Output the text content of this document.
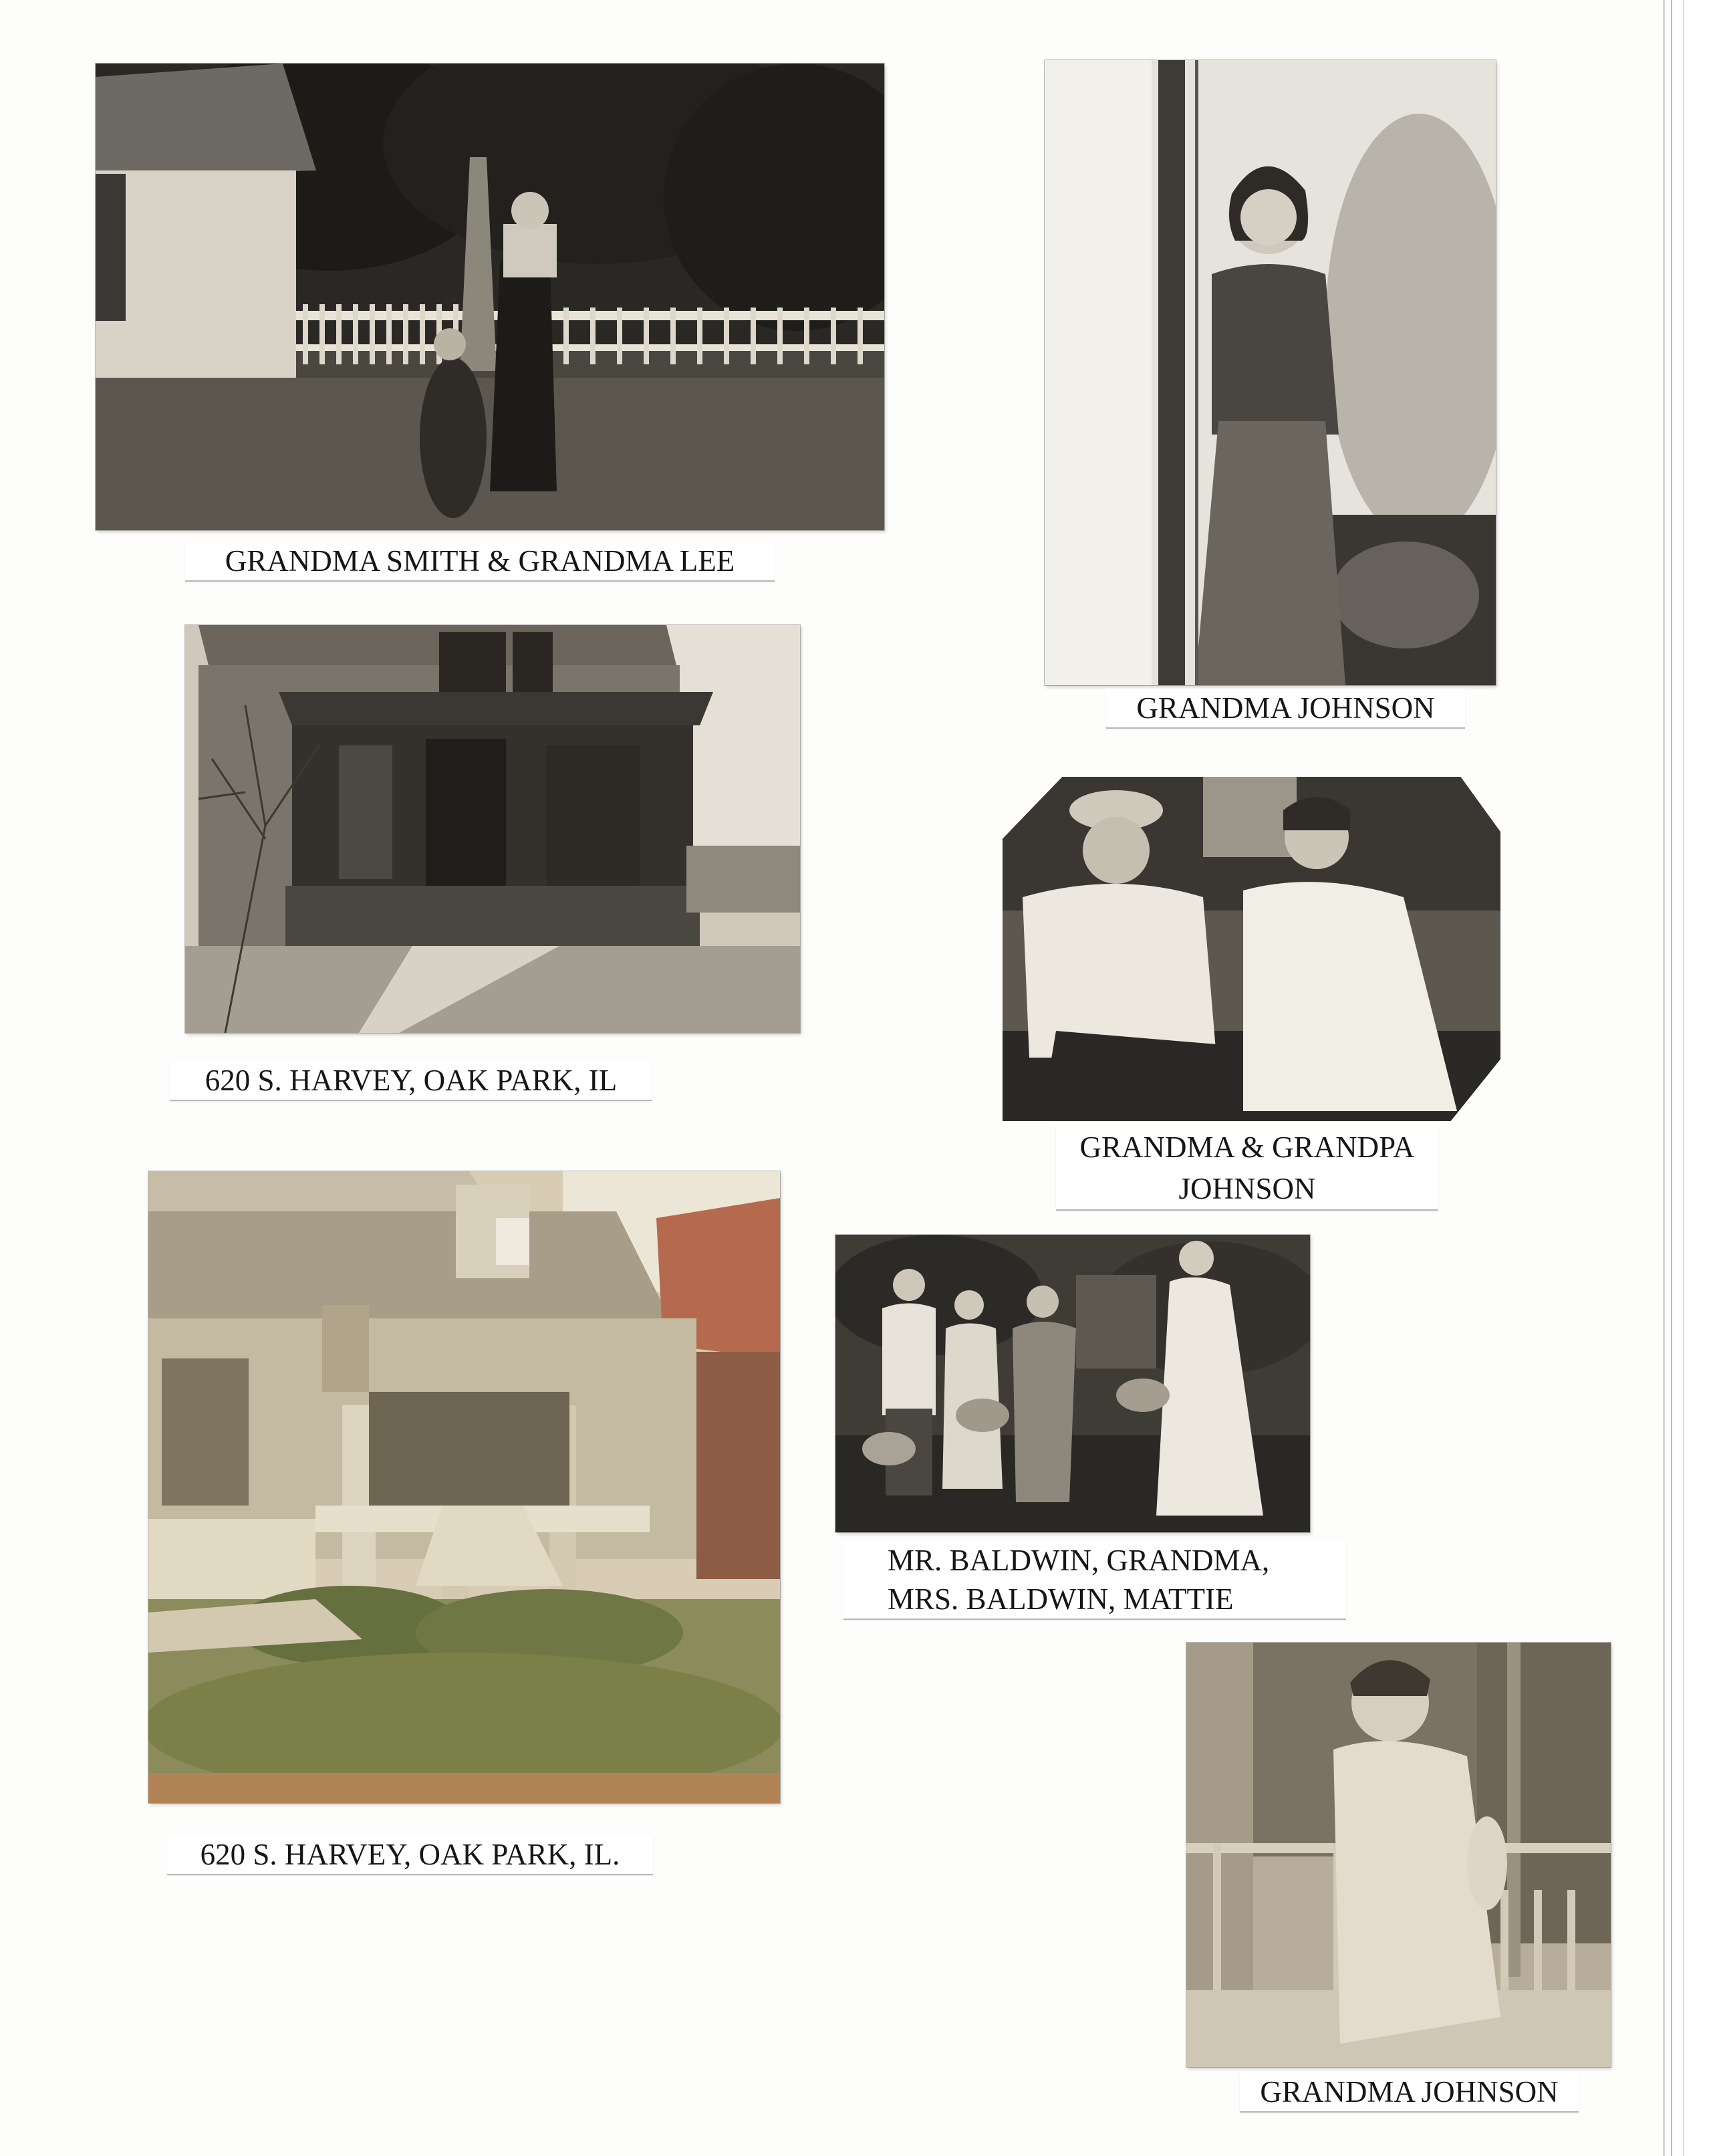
GRANDMA SMITH & GRANDMA LEE
GRANDMA JOHNSON
620 S. HARVEY, OAK PARK, IL
GRANDMA & GRANDPA
JOHNSON
620 S. HARVEY, OAK PARK, IL.
MR. BALDWIN, GRANDMA,
MRS. BALDWIN, MATTIE
GRANDMA JOHNSON
